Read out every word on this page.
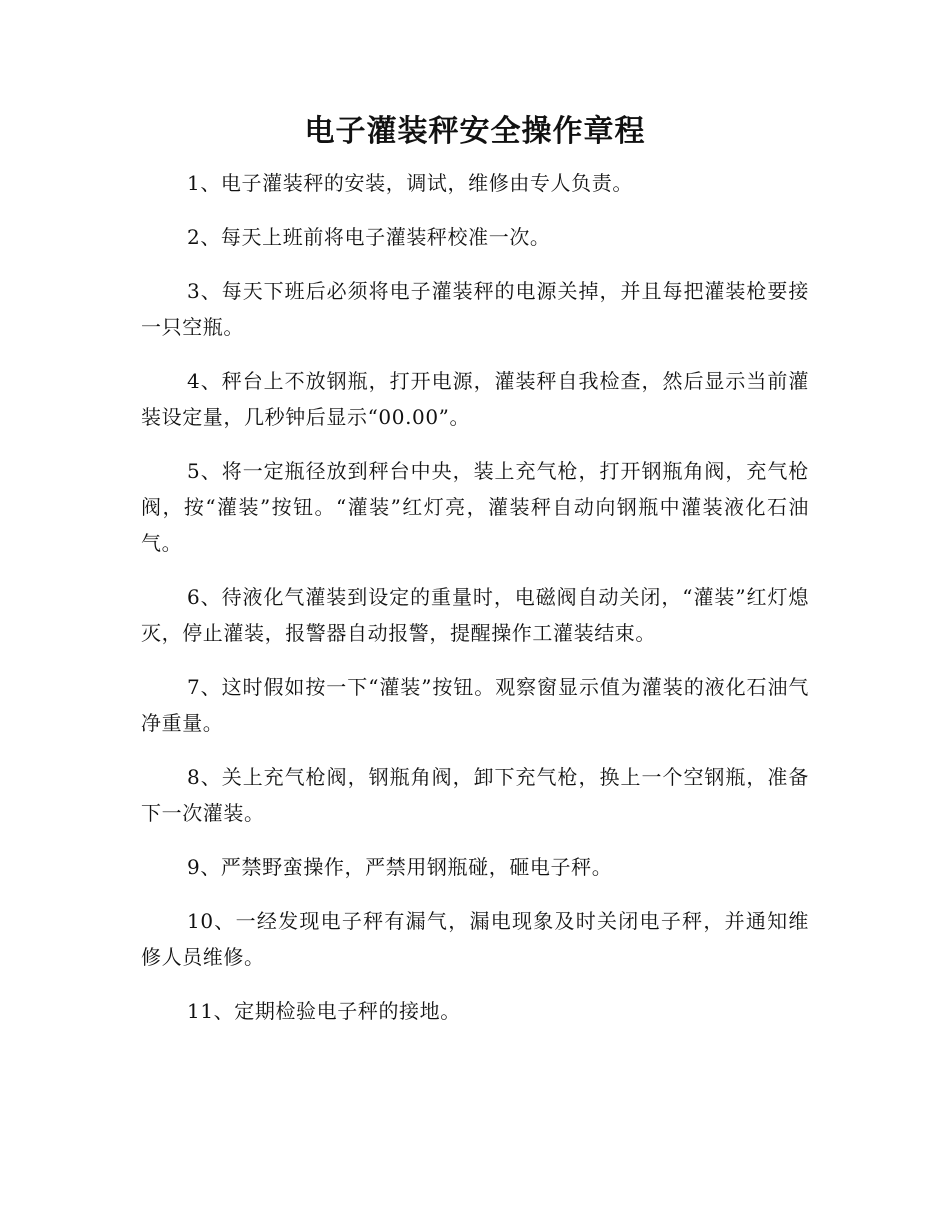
电子灌装秤安全操作章程

1、电子灌装秤的安装，调试，维修由专人负责。

2、每天上班前将电子灌装秤校准一次。

3、每天下班后必须将电子灌装秤的电源关掉，并且每把灌装枪要接一只空瓶。

4、秤台上不放钢瓶，打开电源，灌装秤自我检查，然后显示当前灌装设定量，几秒钟后显示“00.00”。

5、将一定瓶径放到秤台中央，装上充气枪，打开钢瓶角阀，充气枪阀，按“灌装”按钮。“灌装”红灯亮，灌装秤自动向钢瓶中灌装液化石油气。

6、待液化气灌装到设定的重量时，电磁阀自动关闭，“灌装”红灯熄灭，停止灌装，报警器自动报警，提醒操作工灌装结束。

7、这时假如按一下“灌装”按钮。观察窗显示值为灌装的液化石油气净重量。

8、关上充气枪阀，钢瓶角阀，卸下充气枪，换上一个空钢瓶，准备下一次灌装。

9、严禁野蛮操作，严禁用钢瓶碰，砸电子秤。

10、一经发现电子秤有漏气，漏电现象及时关闭电子秤，并通知维修人员维修。

11、定期检验电子秤的接地。
